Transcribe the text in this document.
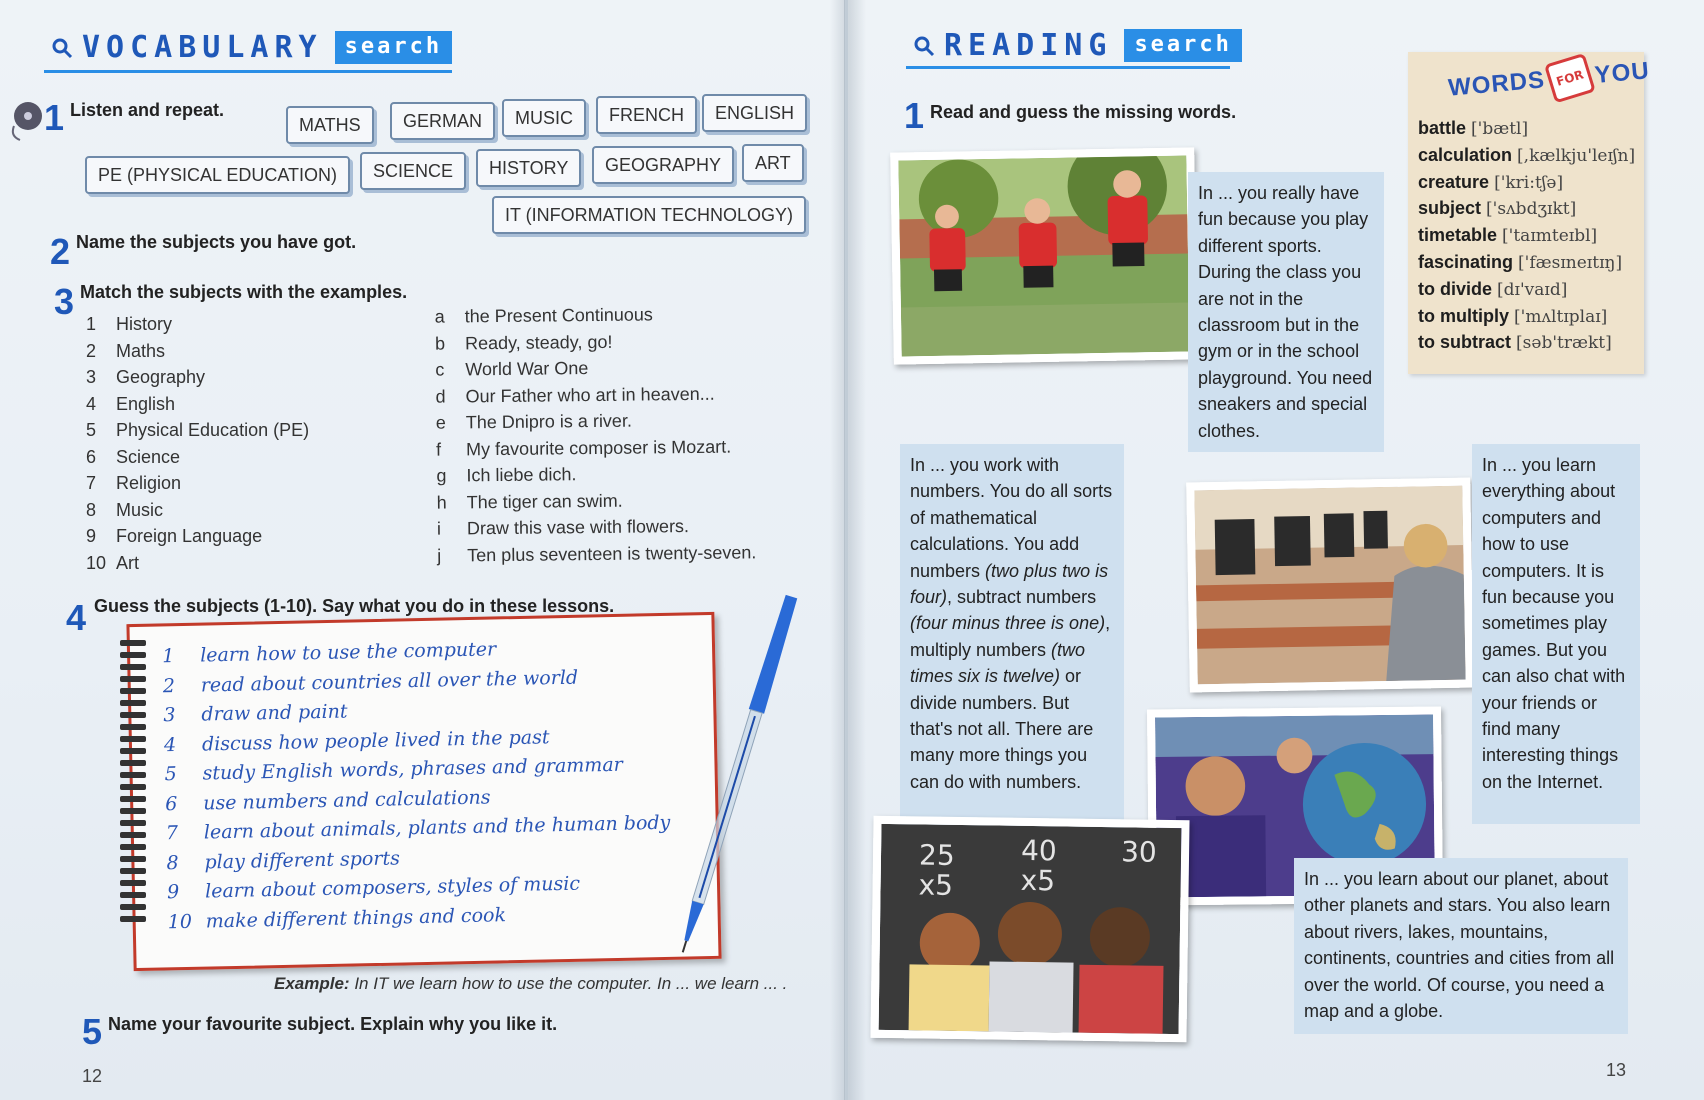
VOCABULARY	search
1 Listen and repeat.
MATHS	GERMAN	MUSIC	FRENCH	ENGLISH
PE (PHYSICAL EDUCATION)	SCIENCE	HISTORY	GEOGRAPHY	ART
IT (INFORMATION TECHNOLOGY)
2 Name the subjects you have got.
3 Match the subjects with the examples.
1	History
2	Maths
3	Geography
4	English
5	Physical Education (PE)
6	Science
7	Religion
8	Music
9	Foreign Language
10 Art
a	the Present Continuous
b	Ready, steady, go!
c	World War One
d	Our Father who art in heaven...
e	The Dnipro is a river.
f	My favourite composer is Mozart.
g	Ich liebe dich.
h	The tiger can swim.
i	Draw this vase with flowers.
j	Ten plus seventeen is twenty-seven.
4 Guess the subjects (1-10). Say what you do in these lessons.
1	learn how to use the computer
2	read about countries all over the world
3	draw and paint
4	discuss how people lived in the past
5	study English words, phrases and grammar
6	use numbers and calculations
7	learn about animals, plants and the human body
8	play different sports
9	learn about composers, styles of music
10 make different things and cook
Example: In IT we learn how to use the computer. In ... we learn ... .
5 Name your favourite subject. Explain why you like it.
12
READING	search
1 Read and guess the missing words.
WORDS FOR YOU
battle ['bætl]
calculation [,kælkju'leɪʃn]
creature ['kri:tʃə]
subject ['sʌbdʒɪkt]
timetable ['taɪmteɪbl]
fascinating ['fæsɪneɪtɪŋ]
to divide [dɪ'vaɪd]
to multiply ['mʌltɪplaɪ]
to subtract [səb'trækt]
In ... you really have fun because you play different sports. During the class you are not in the classroom but in the gym or in the school playground. You need sneakers and special clothes.
In ... you work with numbers. You do all sorts of mathematical calculations. You add numbers (two plus two is four), subtract numbers (four minus three is one), multiply numbers (two times six is twelve) or divide numbers. But that's not all. There are many more things you can do with numbers.
In ... you learn everything about computers and how to use computers. It is fun because you sometimes play games. But you can also chat with your friends or find many interesting things on the Internet.
25
x5
40
x5
30
In ... you learn about our planet, about other planets and stars. You also learn about rivers, lakes, mountains, continents, countries and cities from all over the world. Of course, you need a map and a globe.
13
